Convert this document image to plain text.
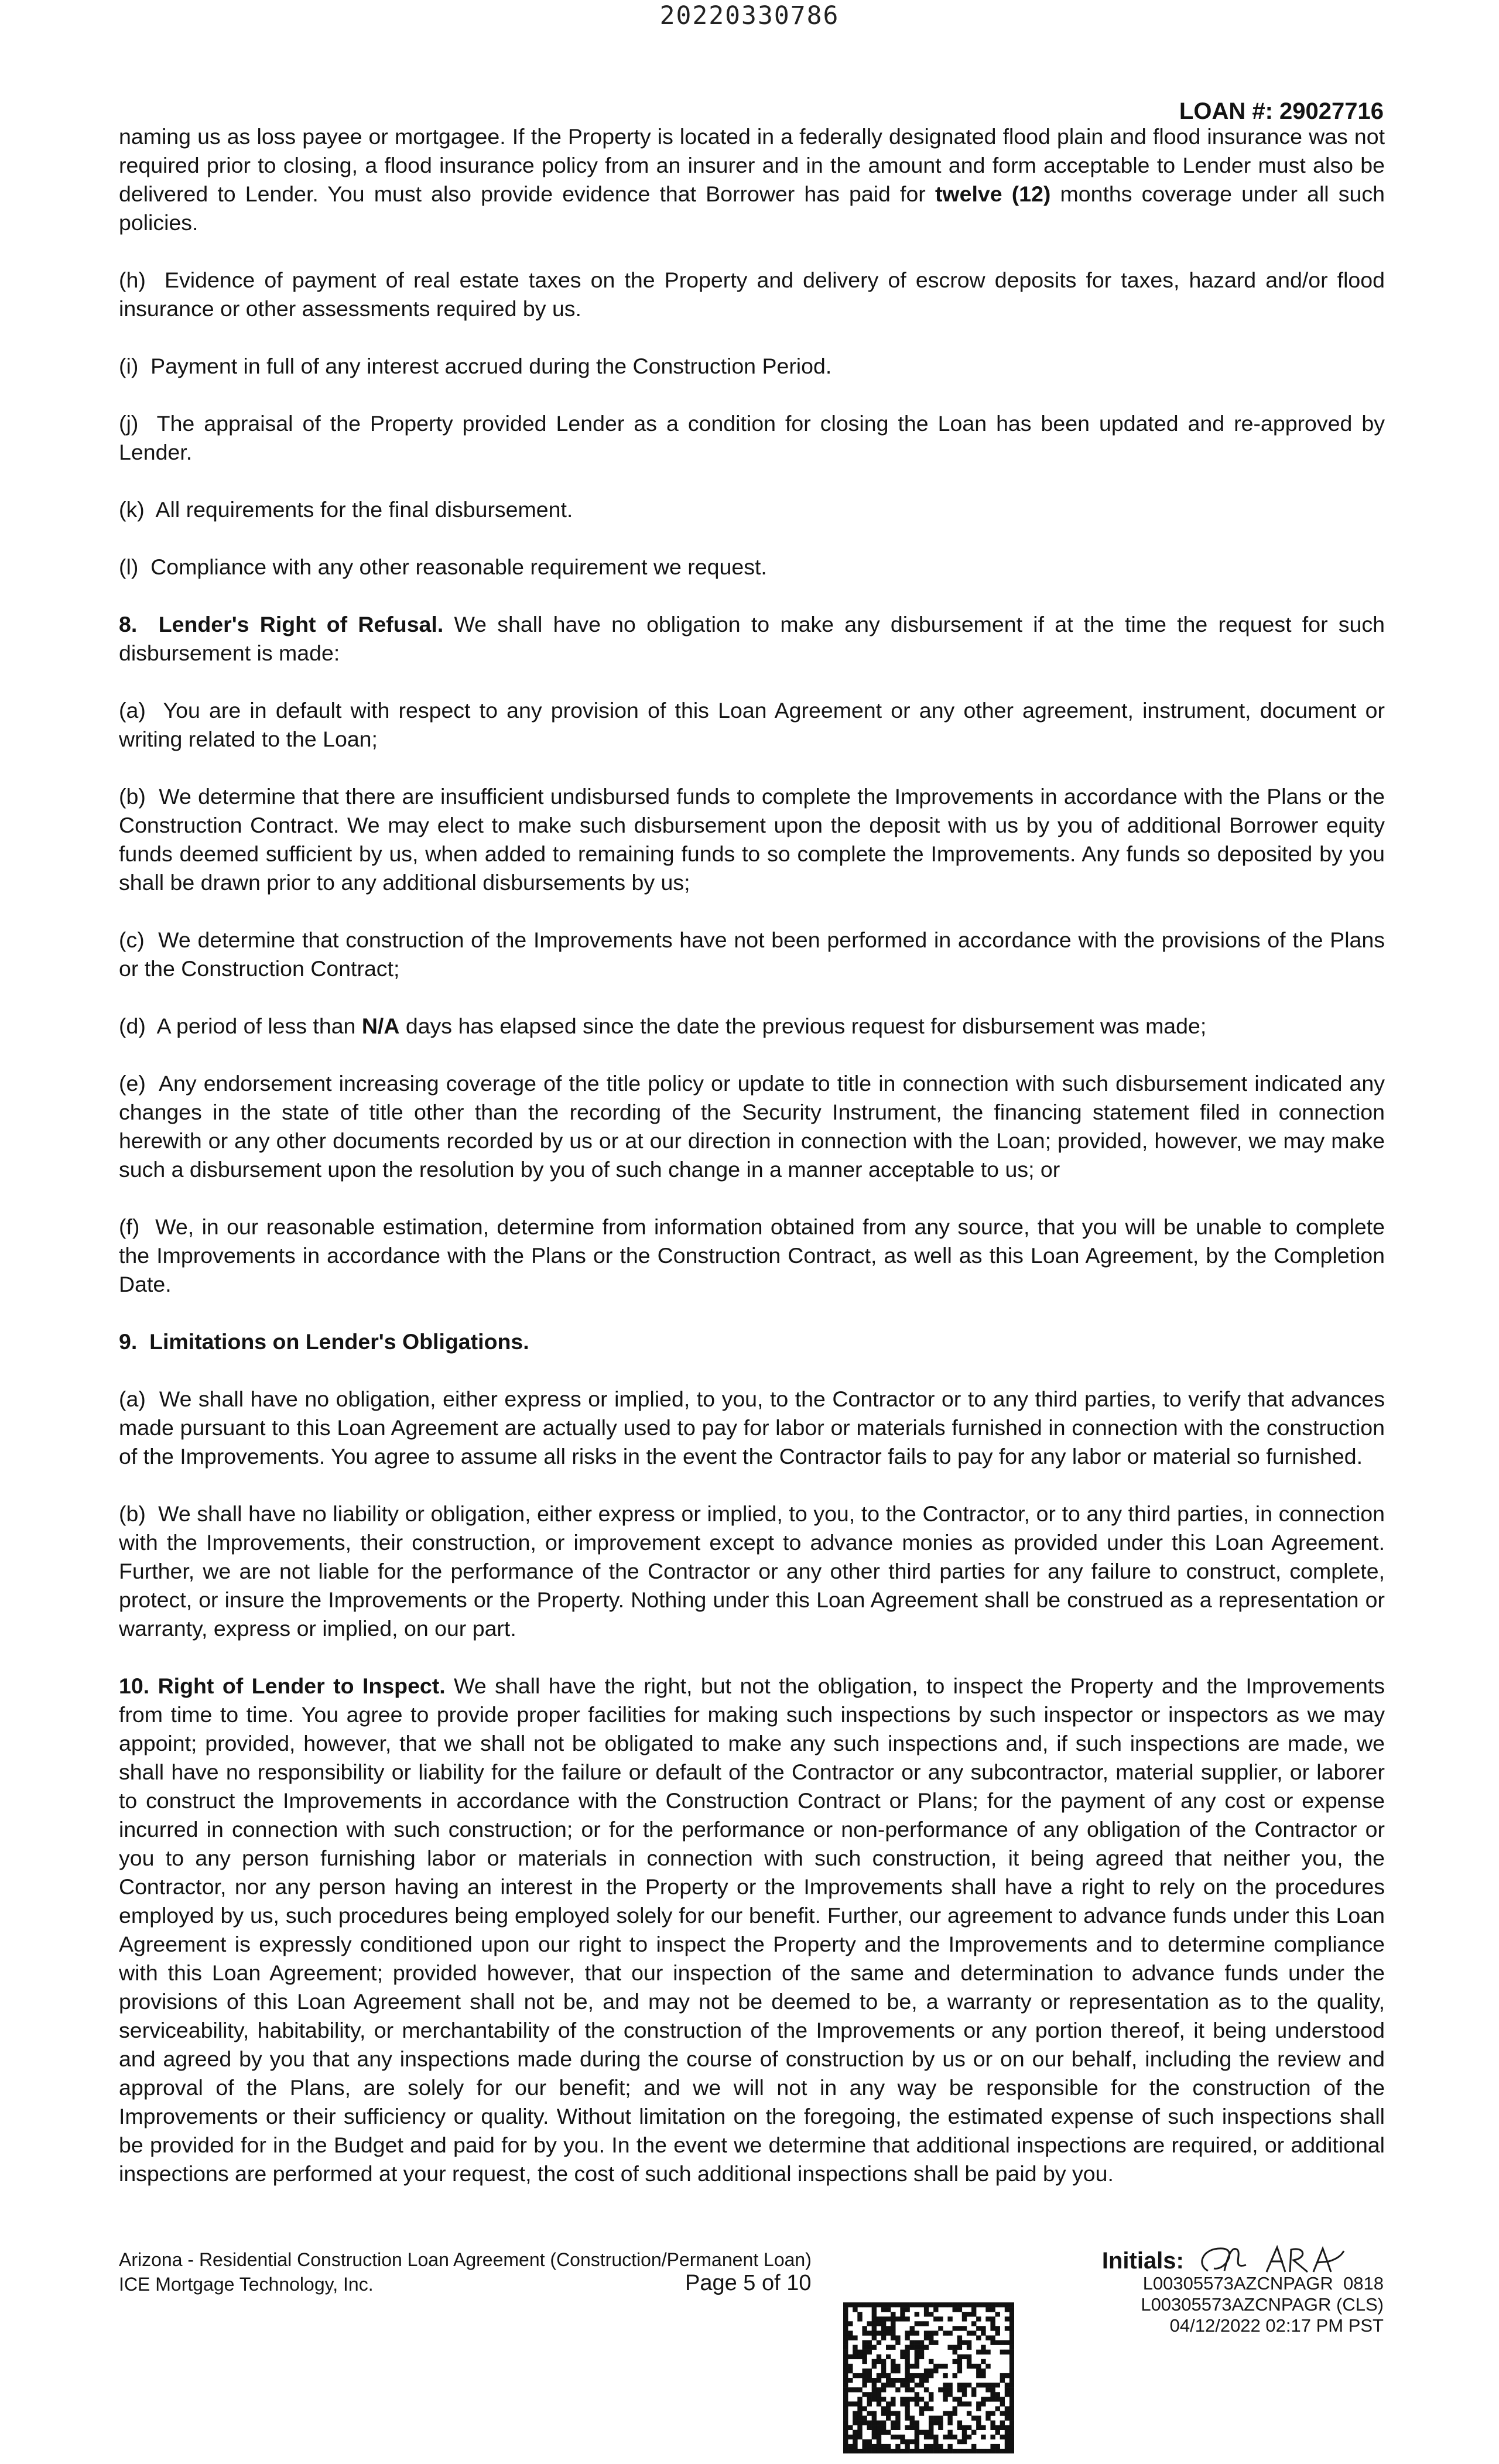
20220330786
LOAN #: 29027716

naming us as loss payee or mortgagee. If the Property is located in a federally designated flood plain and flood insurance was not required prior to closing, a flood insurance policy from an insurer and in the amount and form acceptable to Lender must also be delivered to Lender. You must also provide evidence that Borrower has paid for twelve (12) months coverage under all such policies.

(h)  Evidence of payment of real estate taxes on the Property and delivery of escrow deposits for taxes, hazard and/or flood insurance or other assessments required by us.

(i)  Payment in full of any interest accrued during the Construction Period.

(j)  The appraisal of the Property provided Lender as a condition for closing the Loan has been updated and re-approved by Lender.

(k)  All requirements for the final disbursement.

(l)  Compliance with any other reasonable requirement we request.

8.  Lender's Right of Refusal. We shall have no obligation to make any disbursement if at the time the request for such disbursement is made:

(a)  You are in default with respect to any provision of this Loan Agreement or any other agreement, instrument, document or writing related to the Loan;

(b)  We determine that there are insufficient undisbursed funds to complete the Improvements in accordance with the Plans or the Construction Contract. We may elect to make such disbursement upon the deposit with us by you of additional Borrower equity funds deemed sufficient by us, when added to remaining funds to so complete the Improvements. Any funds so deposited by you shall be drawn prior to any additional disbursements by us;

(c)  We determine that construction of the Improvements have not been performed in accordance with the provisions of the Plans or the Construction Contract;

(d)  A period of less than N/A days has elapsed since the date the previous request for disbursement was made;

(e)  Any endorsement increasing coverage of the title policy or update to title in connection with such disbursement indicated any changes in the state of title other than the recording of the Security Instrument, the financing statement filed in connection herewith or any other documents recorded by us or at our direction in connection with the Loan; provided, however, we may make such a disbursement upon the resolution by you of such change in a manner acceptable to us; or

(f)  We, in our reasonable estimation, determine from information obtained from any source, that you will be unable to complete the Improvements in accordance with the Plans or the Construction Contract, as well as this Loan Agreement, by the Completion Date.

9.  Limitations on Lender's Obligations.

(a)  We shall have no obligation, either express or implied, to you, to the Contractor or to any third parties, to verify that advances made pursuant to this Loan Agreement are actually used to pay for labor or materials furnished in connection with the construction of the Improvements. You agree to assume all risks in the event the Contractor fails to pay for any labor or material so furnished.

(b)  We shall have no liability or obligation, either express or implied, to you, to the Contractor, or to any third parties, in connection with the Improvements, their construction, or improvement except to advance monies as provided under this Loan Agreement. Further, we are not liable for the performance of the Contractor or any other third parties for any failure to construct, complete, protect, or insure the Improvements or the Property. Nothing under this Loan Agreement shall be construed as a representation or warranty, express or implied, on our part.

10. Right of Lender to Inspect. We shall have the right, but not the obligation, to inspect the Property and the Improvements from time to time. You agree to provide proper facilities for making such inspections by such inspector or inspectors as we may appoint; provided, however, that we shall not be obligated to make any such inspections and, if such inspections are made, we shall have no responsibility or liability for the failure or default of the Contractor or any subcontractor, material supplier, or laborer to construct the Improvements in accordance with the Construction Contract or Plans; for the payment of any cost or expense incurred in connection with such construction; or for the performance or non-performance of any obligation of the Contractor or you to any person furnishing labor or materials in connection with such construction, it being agreed that neither you, the Contractor, nor any person having an interest in the Property or the Improvements shall have a right to rely on the procedures employed by us, such procedures being employed solely for our benefit. Further, our agreement to advance funds under this Loan Agreement is expressly conditioned upon our right to inspect the Property and the Improvements and to determine compliance with this Loan Agreement; provided however, that our inspection of the same and determination to advance funds under the provisions of this Loan Agreement shall not be, and may not be deemed to be, a warranty or representation as to the quality, serviceability, habitability, or merchantability of the construction of the Improvements or any portion thereof, it being understood and agreed by you that any inspections made during the course of construction by us or on our behalf, including the review and approval of the Plans, are solely for our benefit; and we will not in any way be responsible for the construction of the Improvements or their sufficiency or quality. Without limitation on the foregoing, the estimated expense of such inspections shall be provided for in the Budget and paid for by you. In the event we determine that additional inspections are required, or additional inspections are performed at your request, the cost of such additional inspections shall be paid by you.

Arizona - Residential Construction Loan Agreement (Construction/Permanent Loan)
ICE Mortgage Technology, Inc.	Page 5 of 10
Initials:
ARA
L00305573AZCNPAGR 0818
L00305573AZCNPAGR (CLS)
04/12/2022 02:17 PM PST
